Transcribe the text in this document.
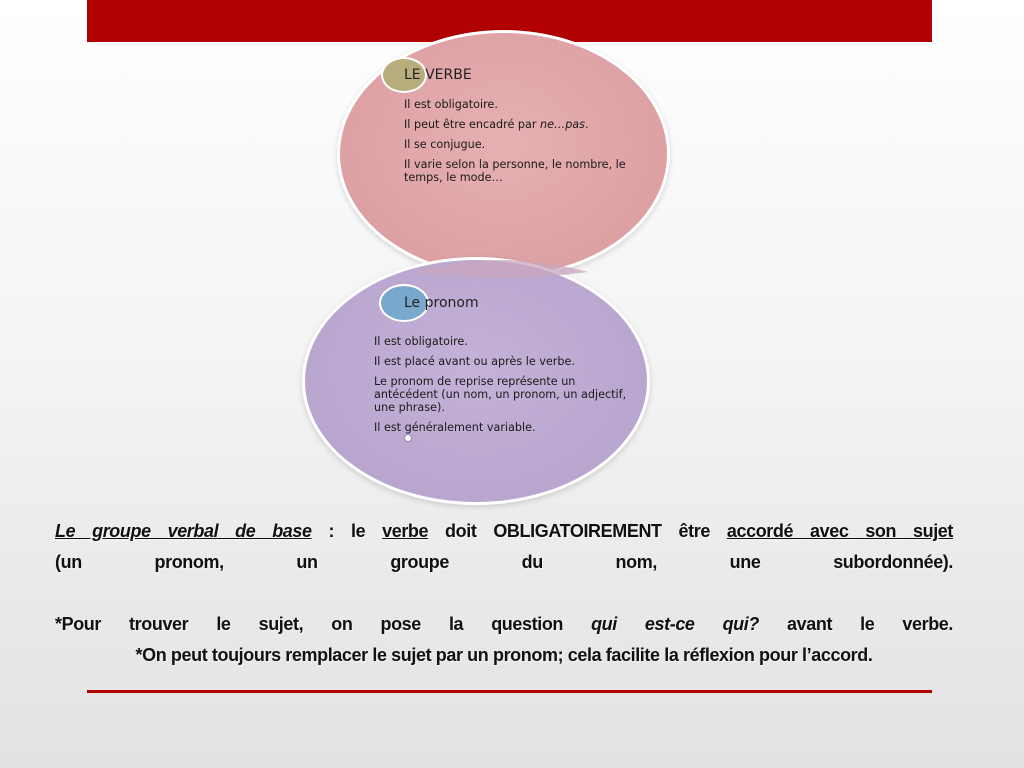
LE VERBE
Il est obligatoire.
Il peut être encadré par ne…pas.
Il se conjugue.
Il varie selon la personne, le nombre, le temps, le mode…
Le pronom
Il est obligatoire.
Il est placé avant ou après le verbe.
Le pronom de reprise représente un antécédent (un nom, un pronom, un adjectif, une phrase).
Il est généralement variable.

Le groupe verbal de base : le verbe doit OBLIGATOIREMENT être accordé avec son sujet

(un pronom, un groupe du nom, une subordonnée).

*Pour trouver le sujet, on pose la question qui est-ce qui? avant le verbe.

*On peut toujours remplacer le sujet par un pronom; cela facilite la réflexion pour l’accord.
